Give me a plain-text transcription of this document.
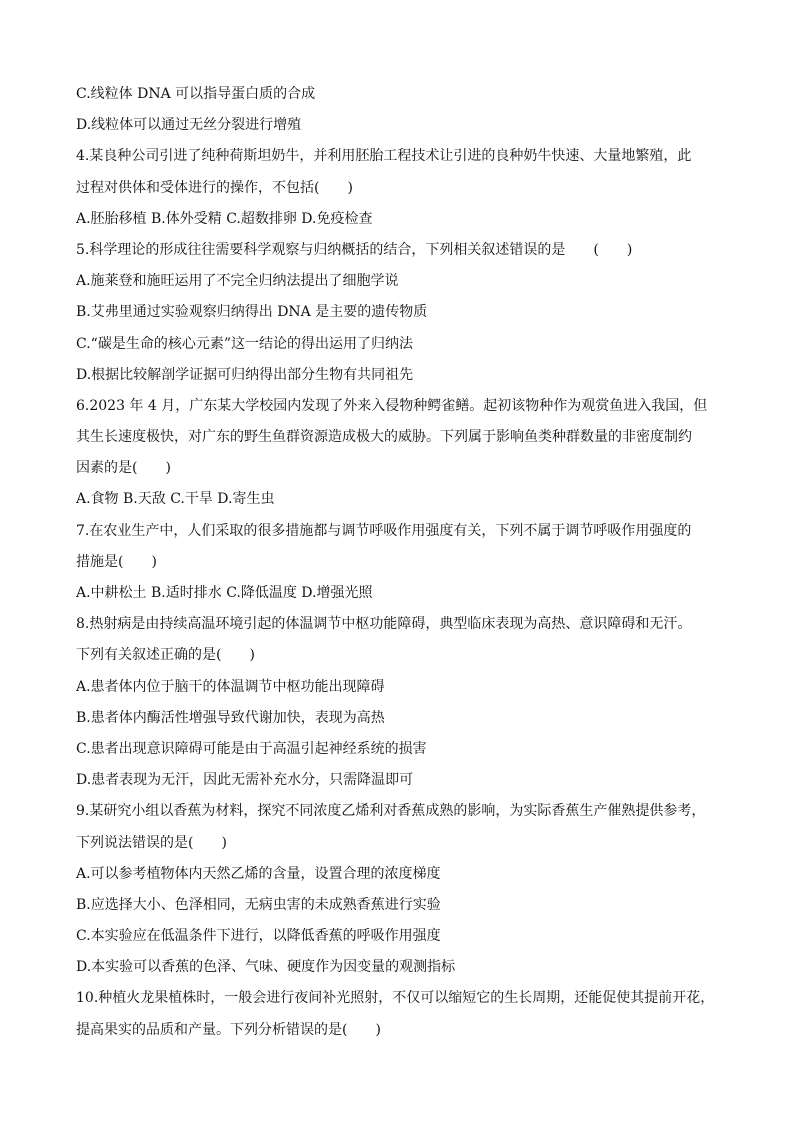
C.线粒体 DNA 可以指导蛋白质的合成
D.线粒体可以通过无丝分裂进行增殖
4.某良种公司引进了纯种荷斯坦奶牛，并利用胚胎工程技术让引进的良种奶牛快速、大量地繁殖，此
过程对供体和受体进行的操作，不包括(　　)
A.胚胎移植 B.体外受精 C.超数排卵 D.免疫检查
5.科学理论的形成往往需要科学观察与归纳概括的结合，下列相关叙述错误的是　　(　　)
A.施莱登和施旺运用了不完全归纳法提出了细胞学说
B.艾弗里通过实验观察归纳得出 DNA 是主要的遗传物质
C.“碳是生命的核心元素”这一结论的得出运用了归纳法
D.根据比较解剖学证据可归纳得出部分生物有共同祖先
6.2023 年 4 月，广东某大学校园内发现了外来入侵物种鳄雀鳝。起初该物种作为观赏鱼进入我国，但
其生长速度极快，对广东的野生鱼群资源造成极大的威胁。下列属于影响鱼类种群数量的非密度制约
因素的是(　　)
A.食物 B.天敌 C.干旱 D.寄生虫
7.在农业生产中，人们采取的很多措施都与调节呼吸作用强度有关，下列不属于调节呼吸作用强度的
措施是(　　)
A.中耕松土 B.适时排水 C.降低温度 D.增强光照
8.热射病是由持续高温环境引起的体温调节中枢功能障碍，典型临床表现为高热、意识障碍和无汗。
下列有关叙述正确的是(　　)
A.患者体内位于脑干的体温调节中枢功能出现障碍
B.患者体内酶活性增强导致代谢加快，表现为高热
C.患者出现意识障碍可能是由于高温引起神经系统的损害
D.患者表现为无汗，因此无需补充水分，只需降温即可
9.某研究小组以香蕉为材料，探究不同浓度乙烯利对香蕉成熟的影响，为实际香蕉生产催熟提供参考，
下列说法错误的是(　　)
A.可以参考植物体内天然乙烯的含量，设置合理的浓度梯度
B.应选择大小、色泽相同，无病虫害的未成熟香蕉进行实验
C.本实验应在低温条件下进行，以降低香蕉的呼吸作用强度
D.本实验可以香蕉的色泽、气味、硬度作为因变量的观测指标
10.种植火龙果植株时，一般会进行夜间补光照射，不仅可以缩短它的生长周期，还能促使其提前开花，
提高果实的品质和产量。下列分析错误的是(　　)
